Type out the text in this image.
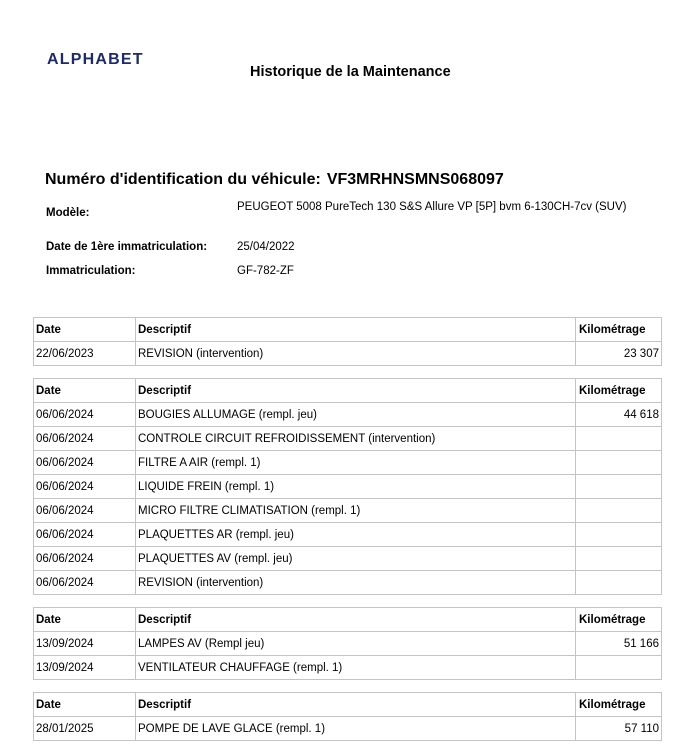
ALPHABET
Historique de la Maintenance
Numéro d'identification du véhicule: VF3MRHNSMNS068097
Modèle:	PEUGEOT 5008 PureTech 130 S&S Allure VP [5P] bvm 6-130CH-7cv (SUV)
Date de 1ère immatriculation:	25/04/2022
Immatriculation:	GF-782-ZF
Date	Descriptif	Kilométrage
22/06/2023	REVISION (intervention)	23 307
Date	Descriptif	Kilométrage
06/06/2024	BOUGIES ALLUMAGE (rempl. jeu)	44 618
06/06/2024	CONTROLE CIRCUIT REFROIDISSEMENT (intervention)	
06/06/2024	FILTRE A AIR (rempl. 1)	
06/06/2024	LIQUIDE FREIN (rempl. 1)	
06/06/2024	MICRO FILTRE CLIMATISATION (rempl. 1)	
06/06/2024	PLAQUETTES AR (rempl. jeu)	
06/06/2024	PLAQUETTES AV (rempl. jeu)	
06/06/2024	REVISION (intervention)	
Date	Descriptif	Kilométrage
13/09/2024	LAMPES AV (Rempl jeu)	51 166
13/09/2024	VENTILATEUR CHAUFFAGE (rempl. 1)	
Date	Descriptif	Kilométrage
28/01/2025	POMPE DE LAVE GLACE (rempl. 1)	57 110
